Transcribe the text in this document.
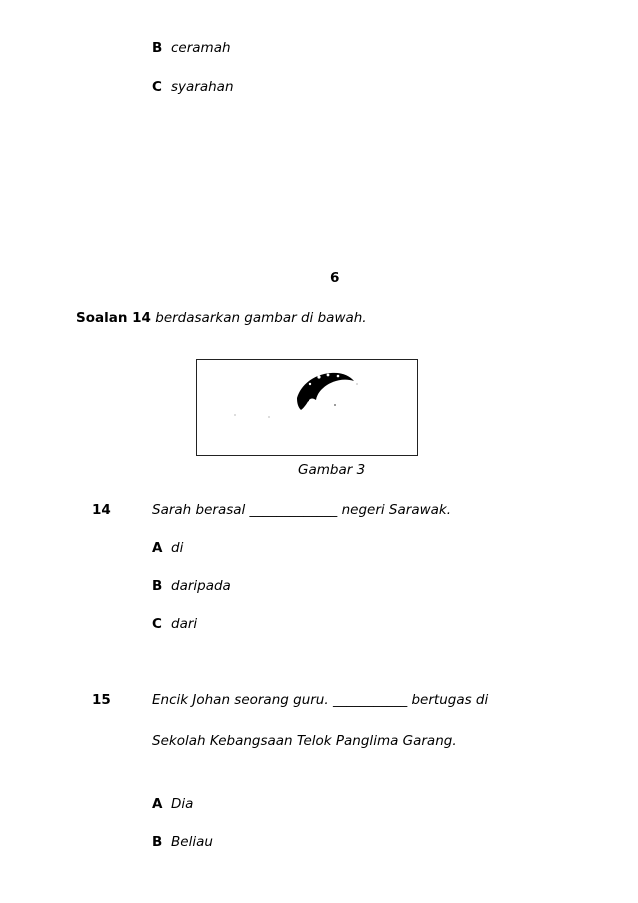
B ceramah
C syarahan
6
Soalan 14 berdasarkan gambar di bawah.
Gambar 3
14	Sarah berasal _____________ negeri Sarawak.
A di
B daripada
C dari
15	Encik Johan seorang guru. ___________ bertugas di
Sekolah Kebangsaan Telok Panglima Garang.
A Dia
B Beliau
